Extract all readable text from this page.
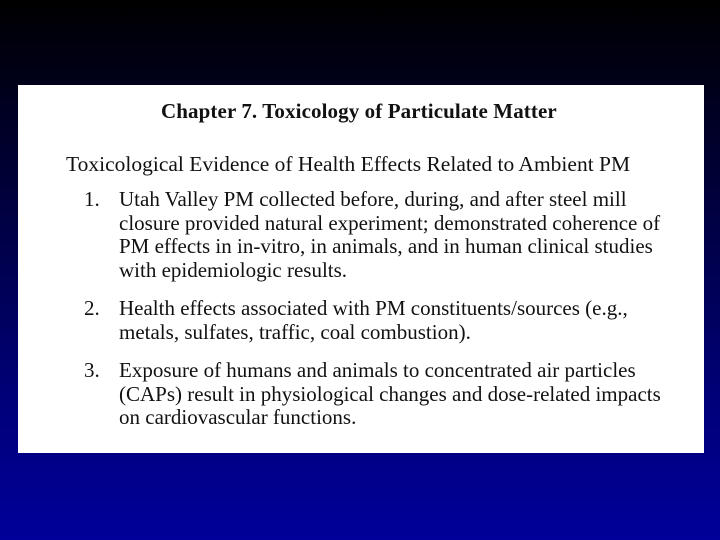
Chapter 7. Toxicology of Particulate Matter
Toxicological Evidence of Health Effects Related to Ambient PM
1. Utah Valley PM collected before, during, and after steel mill
closure provided natural experiment; demonstrated coherence of
PM effects in in-vitro, in animals, and in human clinical studies
with epidemiologic results.
2. Health effects associated with PM constituents/sources (e.g.,
metals, sulfates, traffic, coal combustion).
3. Exposure of humans and animals to concentrated air particles
(CAPs) result in physiological changes and dose-related impacts
on cardiovascular functions.
